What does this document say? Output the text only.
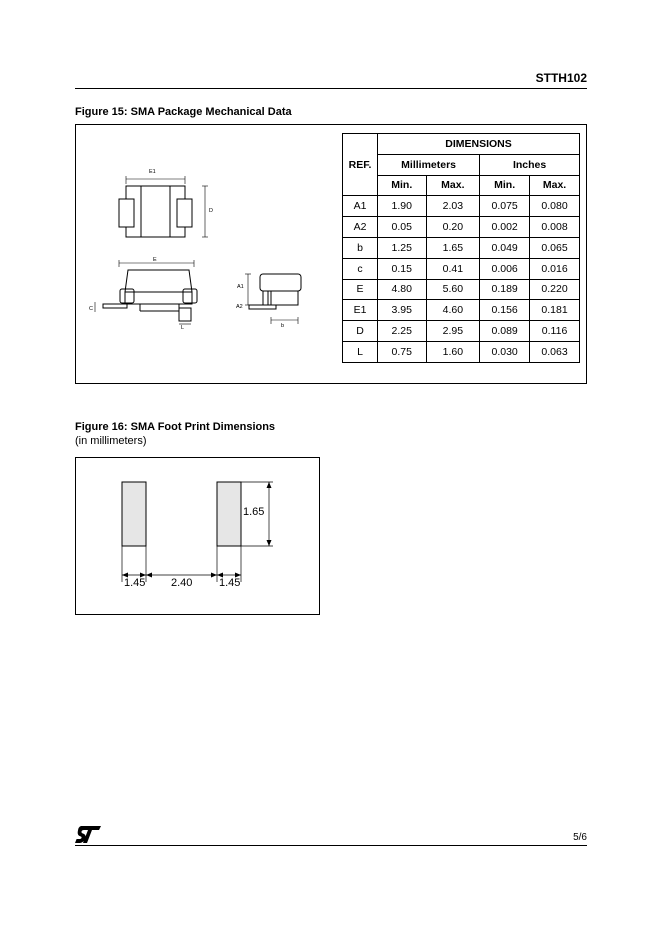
STTH102
Figure 15: SMA Package Mechanical Data
E1
D
E
C
L
A1
A2
b
REF.	DIMENSIONS			
	Millimeters		Inches	
	Min.	Max.	Min.	Max.
A1	1.90	2.03	0.075	0.080
A2	0.05	0.20	0.002	0.008
b	1.25	1.65	0.049	0.065
c	0.15	0.41	0.006	0.016
E	4.80	5.60	0.189	0.220
E1	3.95	4.60	0.156	0.181
D	2.25	2.95	0.089	0.116
L	0.75	1.60	0.030	0.063
Figure 16: SMA Foot Print Dimensions
(in millimeters)
1.65
1.45 2.40 1.45
5/6
